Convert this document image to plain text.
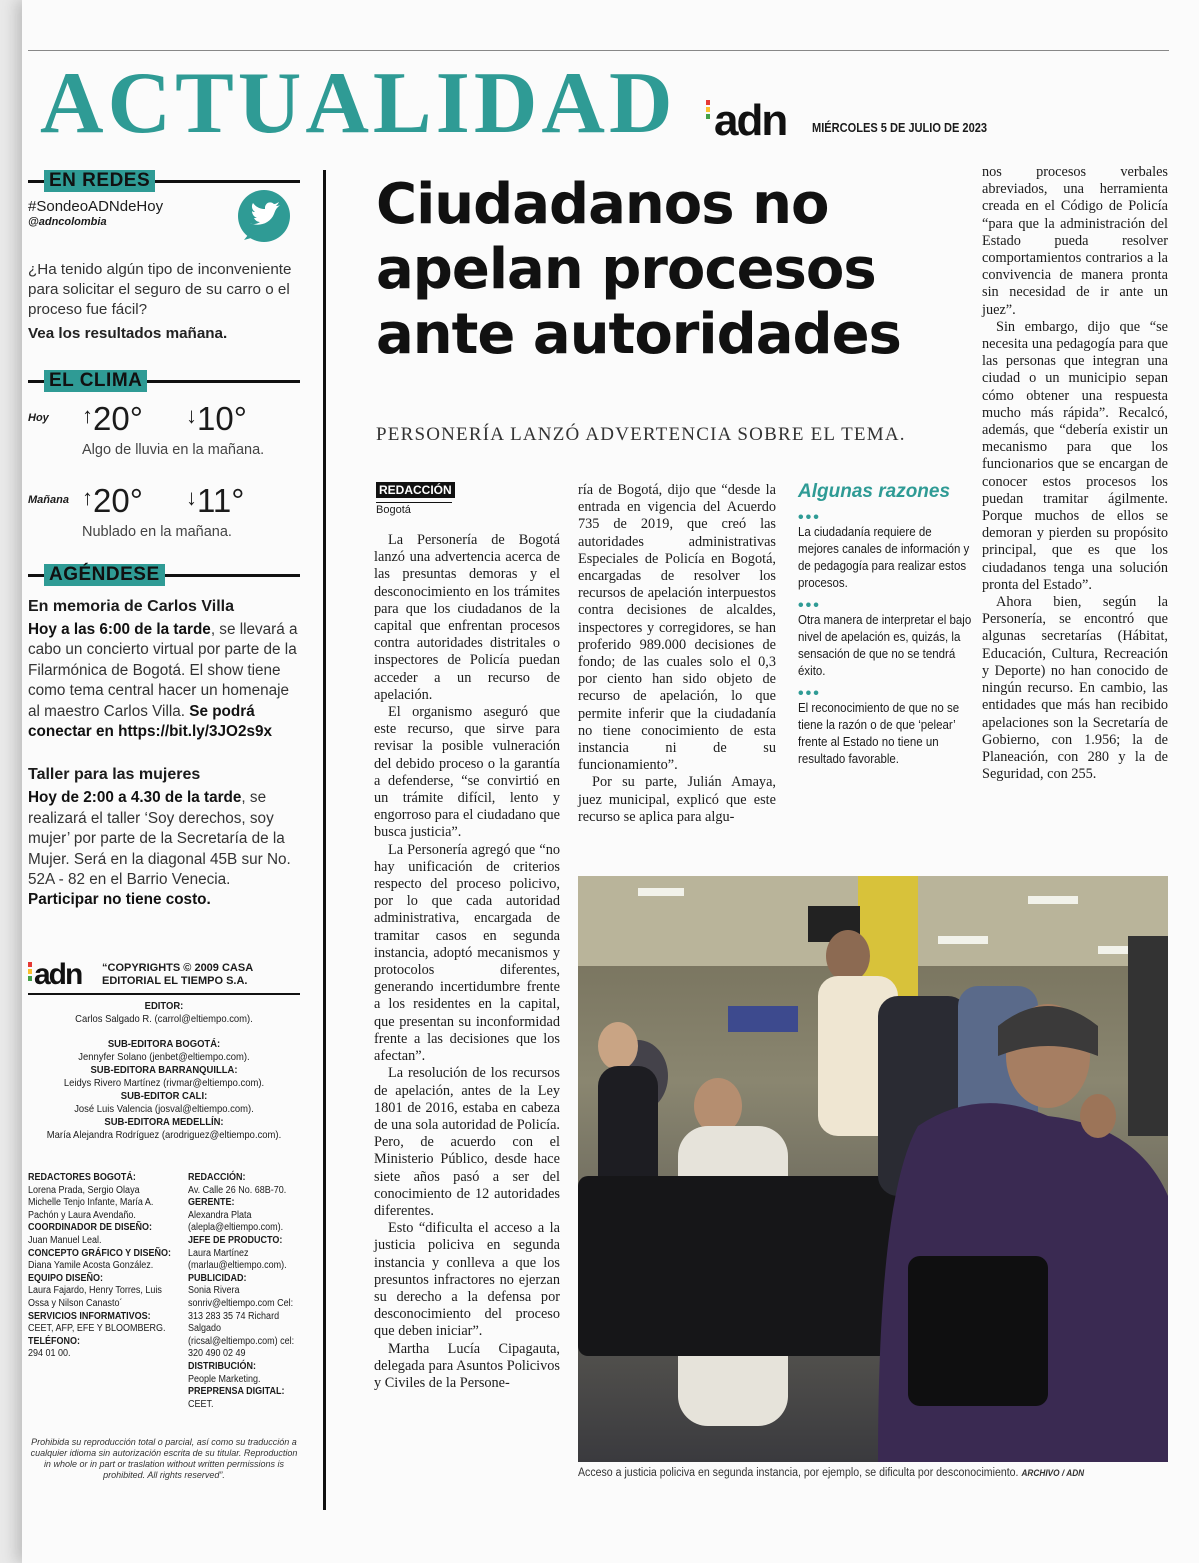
ACTUALIDAD adn MIÉRCOLES 5 DE JULIO DE 2023
EN REDES
#SondeoADNdeHoy
@adncolombia

¿Ha tenido algún tipo de inconveniente para solicitar el seguro de su carro o el proceso fue fácil?

Vea los resultados mañana.

EL CLIMA
Hoy ↑20° ↓10°
Algo de lluvia en la mañana.
Mañana ↑20° ↓11°
Nublado en la mañana.
AGÉNDESE

En memoria de Carlos Villa

Hoy a las 6:00 de la tarde, se llevará a cabo un concierto virtual por parte de la Filarmónica de Bogotá. El show tiene como tema central hacer un homenaje al maestro Carlos Villa. Se podrá conectar en https://bit.ly/3JO2s9x

Taller para las mujeres

Hoy de 2:00 a 4.30 de la tarde, se realizará el taller ‘Soy derechos, soy mujer’ por parte de la Secretaría de la Mujer. Será en la diagonal 45B sur No. 52A - 82 en el Barrio Venecia. Participar no tiene costo.

adn “COPYRIGHTS © 2009 CASA EDITORIAL EL TIEMPO S.A.
EDITOR:
Carlos Salgado R. (carrol@eltiempo.com).
SUB-EDITORA BOGOTÁ:
Jennyfer Solano (jenbet@eltiempo.com).
SUB-EDITORA BARRANQUILLA:
Leidys Rivero Martínez (rivmar@eltiempo.com).
SUB-EDITOR CALI:
José Luis Valencia (josval@eltiempo.com).
SUB-EDITORA MEDELLÍN:
María Alejandra Rodríguez (arodriguez@eltiempo.com).
REDACTORES BOGOTÁ:
Lorena Prada, Sergio Olaya Michelle Tenjo Infante, María A. Pachón y Laura Avendaño.
COORDINADOR DE DISEÑO:
Juan Manuel Leal.
CONCEPTO GRÁFICO Y DISEÑO:
Diana Yamile Acosta González.
EQUIPO DISEÑO:
Laura Fajardo, Henry Torres, Luis Ossa y Nilson Canasto´
SERVICIOS INFORMATIVOS:
CEET, AFP, EFE Y BLOOMBERG.
TELÉFONO:
294 01 00.
REDACCIÓN:
Av. Calle 26 No. 68B-70.
GERENTE:
Alexandra Plata (alepla@eltiempo.com).
JEFE DE PRODUCTO:
Laura Martínez (marlau@eltiempo.com).
PUBLICIDAD:
Sonia Rivera sonriv@eltiempo.com Cel: 313 283 35 74 Richard Salgado (ricsal@eltiempo.com) cel: 320 490 02 49
DISTRIBUCIÓN:
People Marketing.
PREPRENSA DIGITAL:
CEET.
Prohibida su reproducción total o parcial, así como su traducción a cualquier idioma sin autorización escrita de su titular. Reproduction in whole or in part or traslation without written permissions is prohibited. All rights reserved”.
Ciudadanos no apelan procesos ante autoridades
PERSONERÍA LANZÓ ADVERTENCIA SOBRE EL TEMA.
REDACCIÓN
Bogotá

La Personería de Bogotá lanzó una advertencia acerca de las presuntas demoras y el desconocimiento en los trámites para que los ciudadanos de la capital que enfrentan procesos contra autoridades distritales o inspectores de Policía puedan acceder a un recurso de apelación.

El organismo aseguró que este recurso, que sirve para revisar la posible vulneración del debido proceso o la garantía a defenderse, “se convirtió en un trámite difícil, lento y engorroso para el ciudadano que busca justicia”.

La Personería agregó que “no hay unificación de criterios respecto del proceso policivo, por lo que cada autoridad administrativa, encargada de tramitar casos en segunda instancia, adoptó mecanismos y protocolos diferentes, generando incertidumbre frente a los residentes en la capital, que presentan su inconformidad frente a las decisiones que los afectan”.

La resolución de los recursos de apelación, antes de la Ley 1801 de 2016, estaba en cabeza de una sola autoridad de Policía. Pero, de acuerdo con el Ministerio Público, desde hace siete años pasó a ser del conocimiento de 12 autoridades diferentes.

Esto “dificulta el acceso a la justicia policiva en segunda instancia y conlleva a que los presuntos infractores no ejerzan su derecho a la defensa por desconocimiento del proceso que deben iniciar”.

Martha Lucía Cipagauta, delegada para Asuntos Policivos y Civiles de la Persone-

ría de Bogotá, dijo que “desde la entrada en vigencia del Acuerdo 735 de 2019, que creó las autoridades administrativas Especiales de Policía en Bogotá, encargadas de resolver los recursos de apelación interpuestos contra decisiones de alcaldes, inspectores y corregidores, se han proferido 989.000 decisiones de fondo; de las cuales solo el 0,3 por ciento han sido objeto de recurso de apelación, lo que permite inferir que la ciudadanía no tiene conocimiento de esta instancia ni de su funcionamiento”.

Por su parte, Julián Amaya, juez municipal, explicó que este recurso se aplica para algu-

Algunas razones
•••
La ciudadanía requiere de mejores canales de información y de pedagogía para realizar estos procesos.
•••
Otra manera de interpretar el bajo nivel de apelación es, quizás, la sensación de que no se tendrá éxito.
•••
El reconocimiento de que no se tiene la razón o de que ‘pelear’ frente al Estado no tiene un resultado favorable.

nos procesos verbales abreviados, una herramienta creada en el Código de Policía “para que la administración del Estado pueda resolver comportamientos contrarios a la convivencia de manera pronta sin necesidad de ir ante un juez”.

Sin embargo, dijo que “se necesita una pedagogía para que las personas que integran una ciudad o un municipio sepan cómo obtener una respuesta mucho más rápida”. Recalcó, además, que “debería existir un mecanismo para que los funcionarios que se encargan de conocer estos procesos los puedan tramitar ágilmente. Porque muchos de ellos se demoran y pierden su propósito principal, que es que los ciudadanos tenga una solución pronta del Estado”.

Ahora bien, según la Personería, se encontró que algunas secretarías (Hábitat, Educación, Cultura, Recreación y Deporte) no han conocido de ningún recurso. En cambio, las entidades que más han recibido apelaciones son la Secretaría de Gobierno, con 1.956; la de Planeación, con 280 y la de Seguridad, con 255.

Acceso a justicia policiva en segunda instancia, por ejemplo, se dificulta por desconocimiento. ARCHIVO / ADN
